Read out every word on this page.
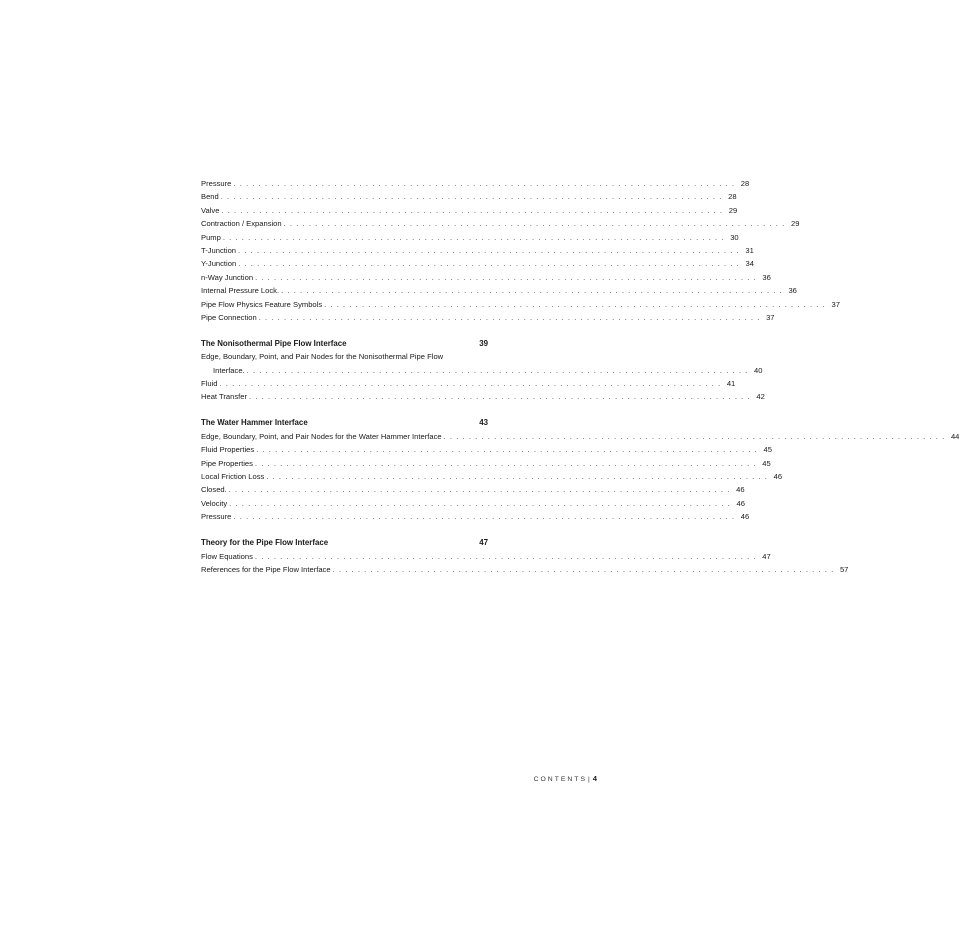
Pressure ................................................................................ 28
Bend ................................................................................ 28
Valve ................................................................................ 29
Contraction / Expansion ................................................................................ 29
Pump ................................................................................ 30
T-Junction ................................................................................ 31
Y-Junction ................................................................................ 34
n-Way Junction ................................................................................ 36
Internal Pressure Lock. ................................................................................ 36
Pipe Flow Physics Feature Symbols ................................................................................ 37
Pipe Connection ................................................................................ 37
The Nonisothermal Pipe Flow Interface	39
Edge, Boundary, Point, and Pair Nodes for the Nonisothermal Pipe Flow
Interface. ................................................................................ 40
Fluid ................................................................................ 41
Heat Transfer ................................................................................ 42
The Water Hammer Interface	43
Edge, Boundary, Point, and Pair Nodes for the Water Hammer Interface ................................................................................ 44
Fluid Properties ................................................................................ 45
Pipe Properties ................................................................................ 45
Local Friction Loss ................................................................................ 46
Closed. ................................................................................ 46
Velocity ................................................................................ 46
Pressure ................................................................................ 46
Theory for the Pipe Flow Interface	47
Flow Equations ................................................................................ 47
References for the Pipe Flow Interface ................................................................................ 57
CONTENTS| 4
